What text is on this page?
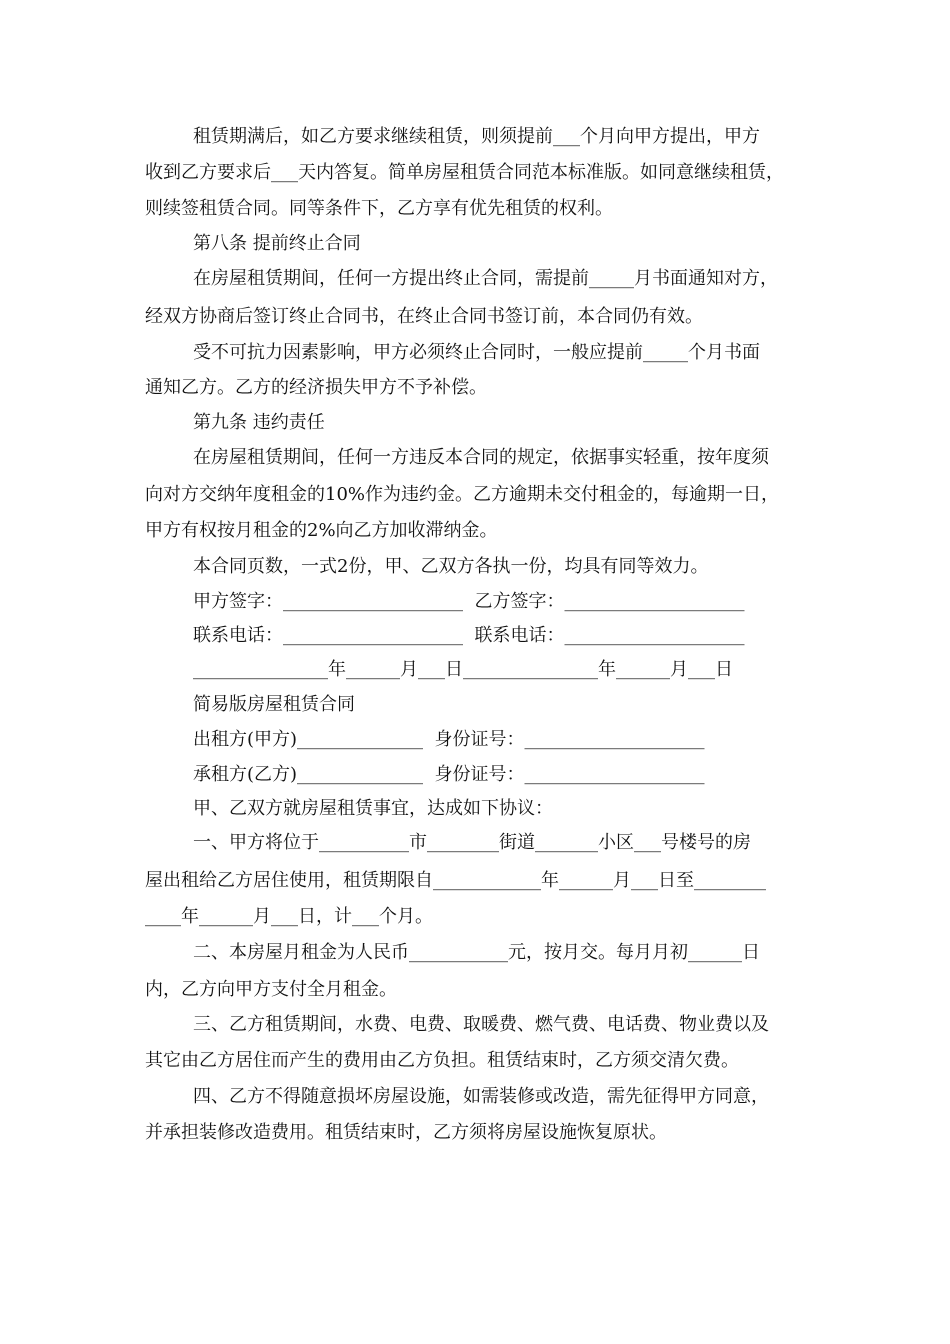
租赁期满后，如乙方要求继续租赁，则须提前___个月向甲方提出，甲方
收到乙方要求后___天内答复。简单房屋租赁合同范本标准版。如同意继续租赁，
则续签租赁合同。同等条件下，乙方享有优先租赁的权利。
第八条 提前终止合同
在房屋租赁期间，任何一方提出终止合同，需提前_____月书面通知对方，
经双方协商后签订终止合同书，在终止合同书签订前，本合同仍有效。
受不可抗力因素影响，甲方必须终止合同时，一般应提前_____个月书面
通知乙方。乙方的经济损失甲方不予补偿。
第九条 违约责任
在房屋租赁期间，任何一方违反本合同的规定，依据事实轻重，按年度须
向对方交纳年度租金的10%作为违约金。乙方逾期未交付租金的，每逾期一日，
甲方有权按月租金的2%向乙方加收滞纳金。
本合同页数，一式2份，甲、乙双方各执一份，均具有同等效力。
甲方签字：____________________  乙方签字：____________________
联系电话：____________________  联系电话：____________________
_______________年______月___日_______________年______月___日
简易版房屋租赁合同
出租方(甲方)______________  身份证号：____________________
承租方(乙方)______________  身份证号：____________________
甲、乙双方就房屋租赁事宜，达成如下协议：
一、甲方将位于__________市________街道_______小区___号楼号的房
屋出租给乙方居住使用，租赁期限自____________年______月___日至________
____年______月___日，计___个月。
二、本房屋月租金为人民币___________元，按月交。每月月初______日
内，乙方向甲方支付全月租金。
三、乙方租赁期间，水费、电费、取暖费、燃气费、电话费、物业费以及
其它由乙方居住而产生的费用由乙方负担。租赁结束时，乙方须交清欠费。
四、乙方不得随意损坏房屋设施，如需装修或改造，需先征得甲方同意，
并承担装修改造费用。租赁结束时，乙方须将房屋设施恢复原状。
